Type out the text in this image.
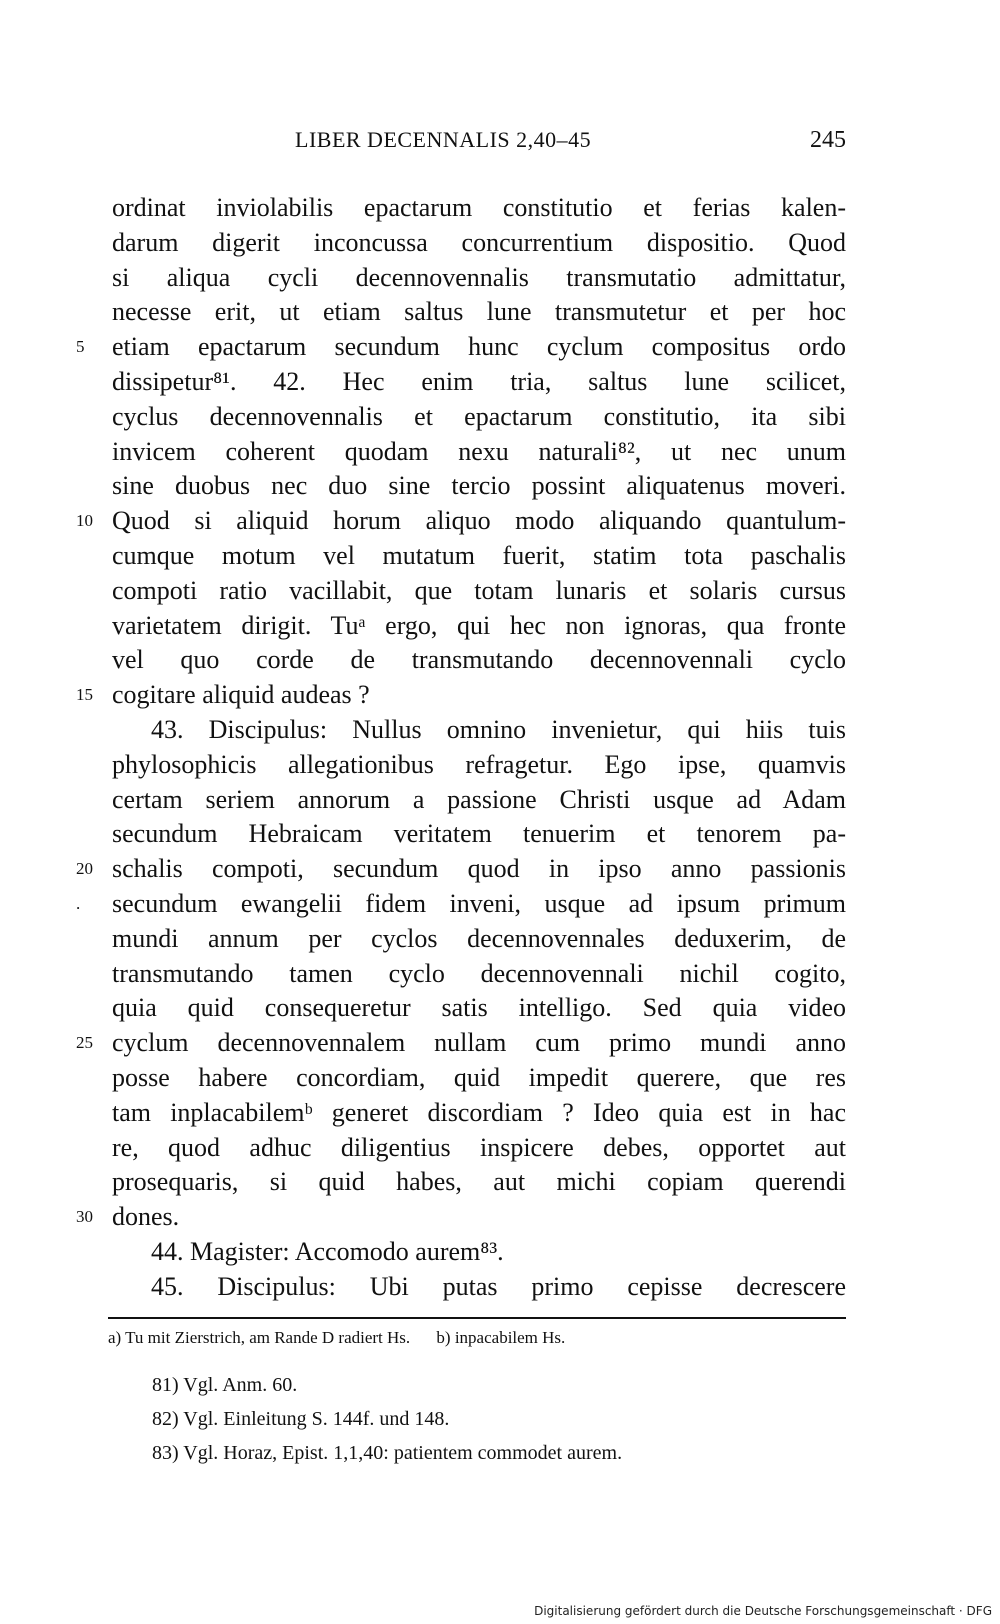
LIBER DECENNALIS 2,40–45	245
ordinat inviolabilis epactarum constitutio et ferias kalen-
darum digerit inconcussa concurrentium dispositio. Quod
si aliqua cycli decennovennalis transmutatio admittatur,
necesse erit, ut etiam saltus lune transmutetur et per hoc
5	etiam epactarum secundum hunc cyclum compositus ordo
dissipetur⁸¹. 42. Hec enim tria, saltus lune scilicet,
cyclus decennovennalis et epactarum constitutio, ita sibi
invicem coherent quodam nexu naturali⁸², ut nec unum
sine duobus nec duo sine tercio possint aliquatenus moveri.
10 Quod si aliquid horum aliquo modo aliquando quantulum-
cumque motum vel mutatum fuerit, statim tota paschalis
compoti ratio vacillabit, que totam lunaris et solaris cursus
varietatem dirigit. Tuᵃ ergo, qui hec non ignoras, qua fronte
vel quo corde de transmutando decennovennali cyclo
15 cogitare aliquid audeas ?
43. Discipulus: Nullus omnino invenietur, qui hiis tuis
phylosophicis allegationibus refragetur. Ego ipse, quamvis
certam seriem annorum a passione Christi usque ad Adam
secundum Hebraicam veritatem tenuerim et tenorem pa-
20 schalis compoti, secundum quod in ipso anno passionis
.	secundum ewangelii fidem inveni, usque ad ipsum primum
mundi annum per cyclos decennovennales deduxerim, de
transmutando tamen cyclo decennovennali nichil cogito,
quia quid consequeretur satis intelligo. Sed quia video
25 cyclum decennovennalem nullam cum primo mundi anno
posse habere concordiam, quid impedit querere, que res
tam inplacabilemᵇ generet discordiam ? Ideo quia est in hac
re, quod adhuc diligentius inspicere debes, opportet aut
prosequaris, si quid habes, aut michi copiam querendi
30 dones.
44. Magister: Accomodo aurem⁸³.
45. Discipulus: Ubi putas primo cepisse decrescere
a) Tu mit Zierstrich, am Rande D radiert Hs. b) inpacabilem Hs.
81) Vgl. Anm. 60.
82) Vgl. Einleitung S. 144f. und 148.
83) Vgl. Horaz, Epist. 1,1,40: patientem commodet aurem.
Digitalisierung gefördert durch die Deutsche Forschungsgemeinschaft · DFG
